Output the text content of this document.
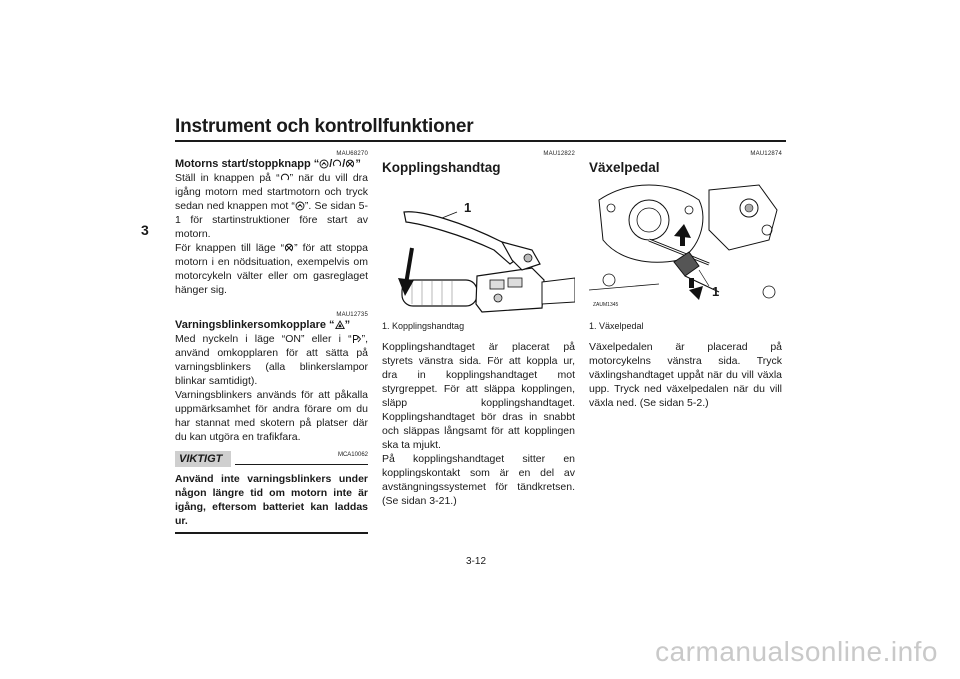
Instrument och kontrollfunktioner
3
MAU68270

Motorns start/stoppknapp “ / / ”

Ställ in knappen på “ ” när du vill dra igång motorn med startmotorn och tryck sedan ned knappen mot “ ”. Se sidan 5-1 för startinstruktioner före start av motorn.

För knappen till läge “ ” för att stoppa motorn i en nödsituation, exempelvis om motorcykeln välter eller om gasreglaget hänger sig.

MAU12735

Varningsblinkersomkopplare “ ”

Med nyckeln i läge “ON” eller i “ ”, använd omkopplaren för att sätta på varningsblinkers (alla blinkerslampor blinkar samtidigt).

Varningsblinkers används för att påkalla uppmärksamhet för andra förare om du har stannat med skotern på platser där du kan utgöra en trafikfara.

VIKTIGT	MCA10062

Använd inte varningsblinkers under någon längre tid om motorn inte är igång, eftersom batteriet kan laddas ur.

MAU12822

Kopplingshandtag

1

1. Kopplingshandtag

Kopplingshandtaget är placerat på styrets vänstra sida. För att koppla ur, dra in kopplingshandtaget mot styrgreppet. För att släppa kopplingen, släpp kopplingshandtaget. Kopplingshandtaget bör dras in snabbt och släppas långsamt för att kopplingen ska ta mjukt.

På kopplingshandtaget sitter en kopplingskontakt som är en del av avstängningssystemet för tändkretsen. (Se sidan 3-21.)

MAU12874

Växelpedal

1
ZAUM1345

1. Växelpedal

Växelpedalen är placerad på motorcykelns vänstra sida. Tryck växlingshandtaget uppåt när du vill växla upp. Tryck ned växelpedalen när du vill växla ned. (Se sidan 5-2.)

3-12
carmanualsonline.info
